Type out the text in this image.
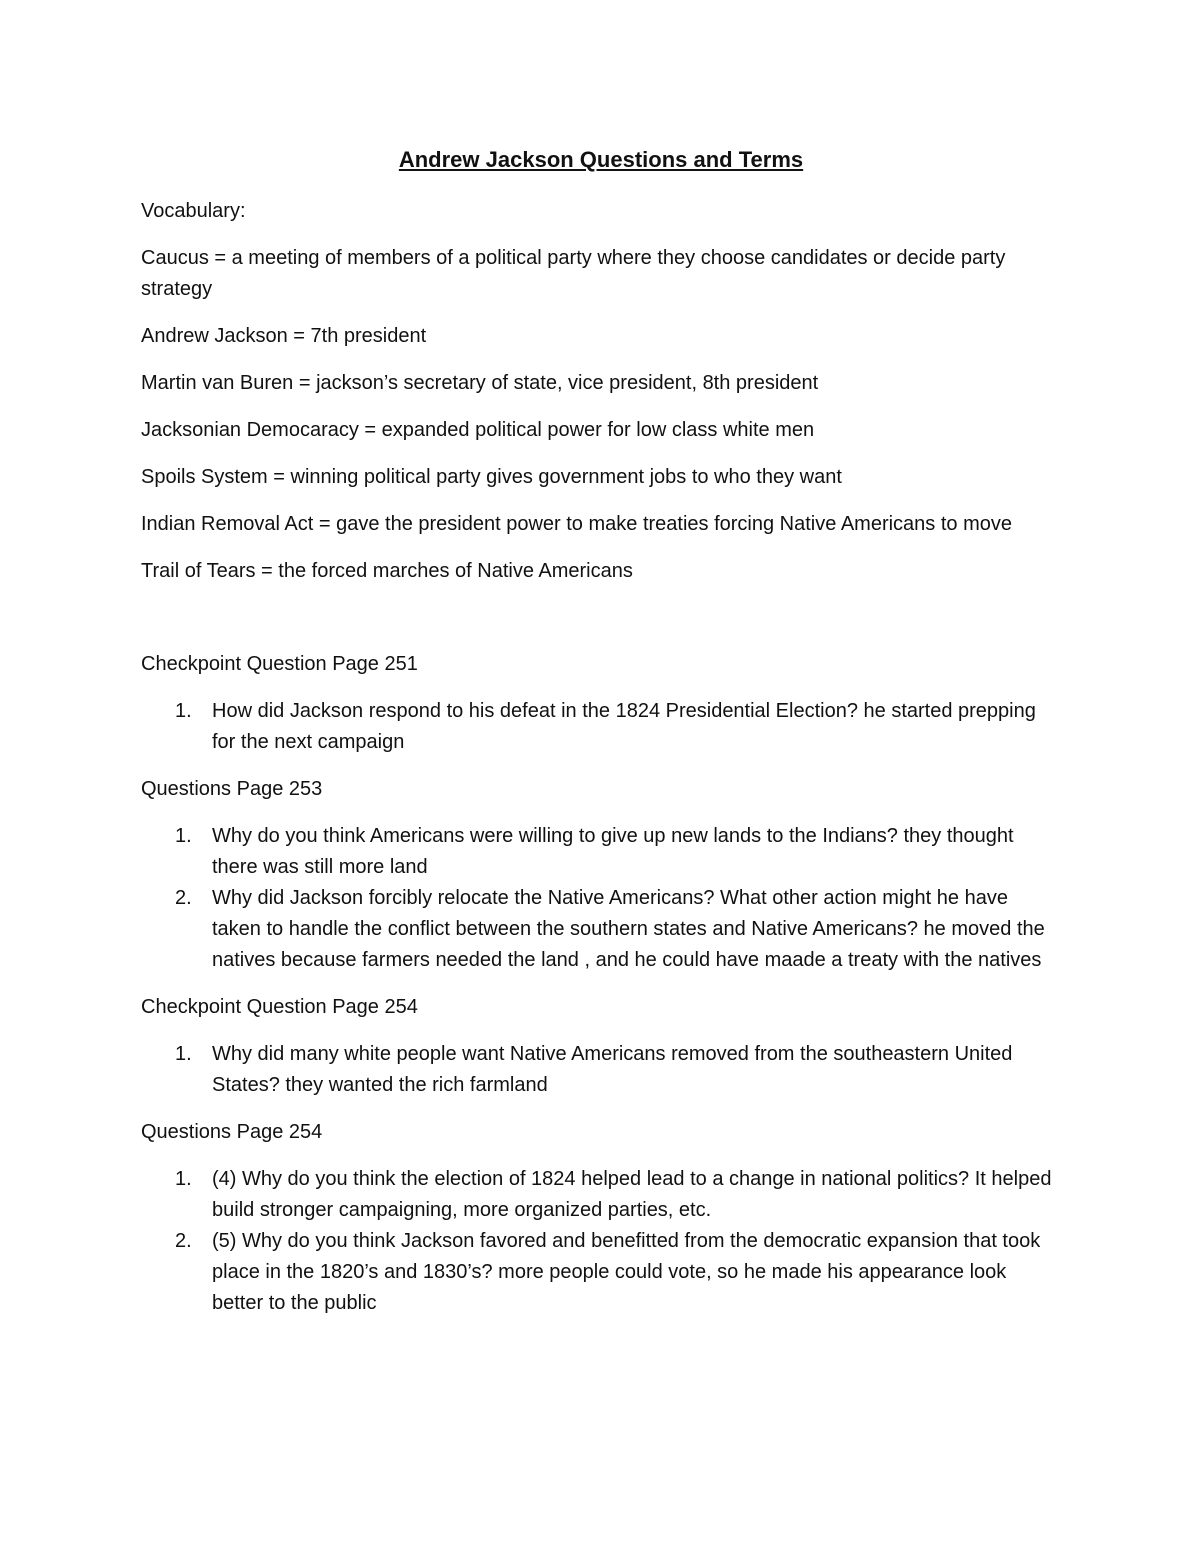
Andrew Jackson Questions and Terms

Vocabulary:

Caucus = a meeting of members of a political party where they choose candidates or decide party strategy

Andrew Jackson = 7th president

Martin van Buren = jackson’s secretary of state, vice president, 8th president

Jacksonian Democaracy = expanded political power for low class white men

Spoils System = winning political party gives government jobs to who they want

Indian Removal Act = gave the president power to make treaties forcing Native Americans to move

Trail of Tears = the forced marches of Native Americans

Checkpoint Question Page 251

1. How did Jackson respond to his defeat in the 1824 Presidential Election? he started prepping for the next campaign

Questions Page 253

1. Why do you think Americans were willing to give up new lands to the Indians? they thought there was still more land
2. Why did Jackson forcibly relocate the Native Americans? What other action might he have taken to handle the conflict between the southern states and Native Americans? he moved the natives because farmers needed the land , and he could have maade a treaty with the natives

Checkpoint Question Page 254

1. Why did many white people want Native Americans removed from the southeastern United States? they wanted the rich farmland

Questions Page 254

1. (4) Why do you think the election of 1824 helped lead to a change in national politics? It helped build stronger campaigning, more organized parties, etc.
2. (5) Why do you think Jackson favored and benefitted from the democratic expansion that took place in the 1820’s and 1830’s? more people could vote, so he made his appearance look better to the public
